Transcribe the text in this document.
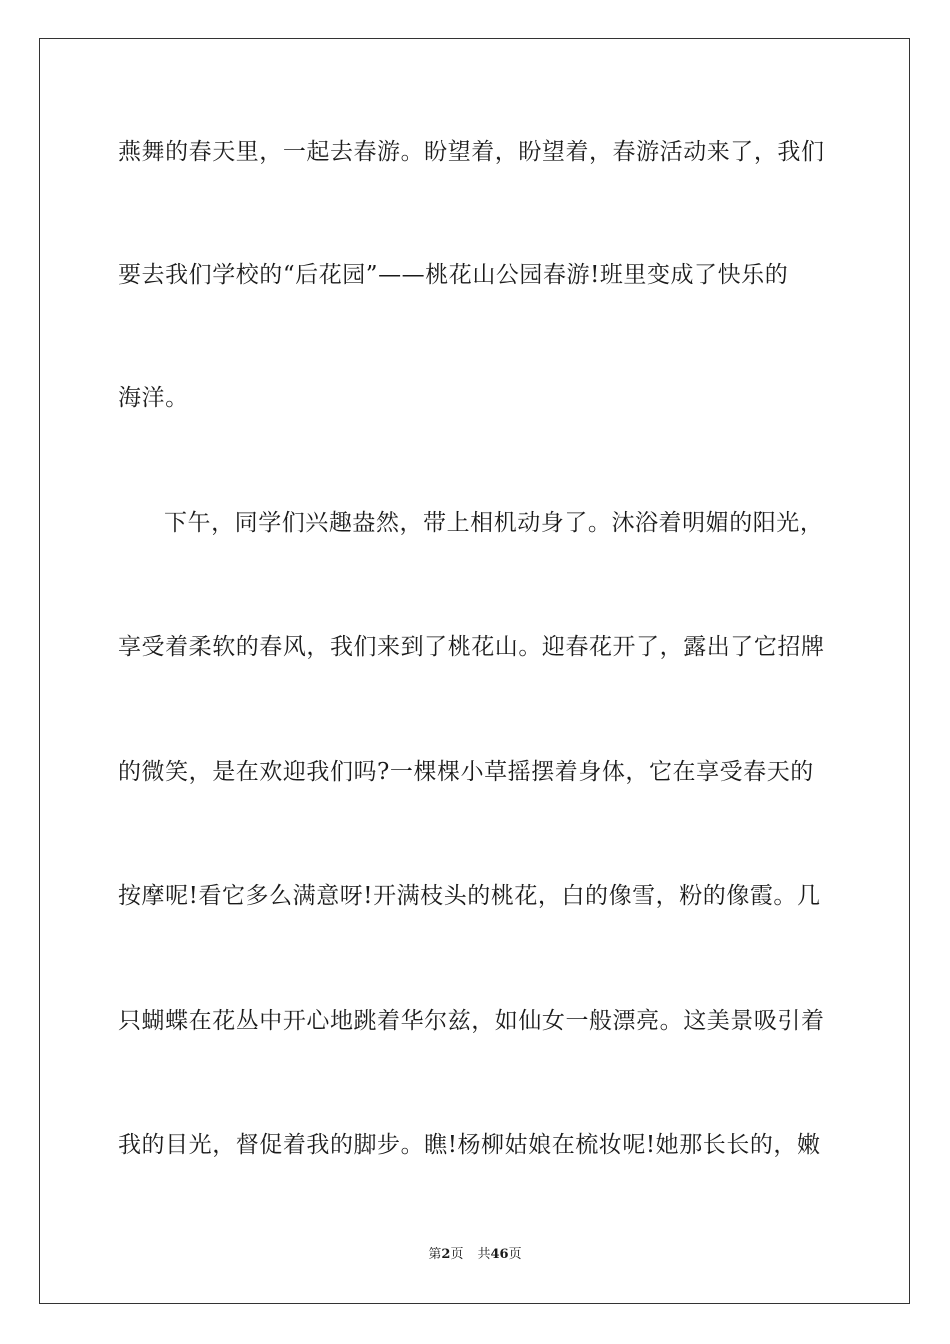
燕舞的春天里，一起去春游。盼望着，盼望着，春游活动来了，我们
要去我们学校的“后花园”——桃花山公园春游!班里变成了快乐的
海洋。
下午，同学们兴趣盎然，带上相机动身了。沐浴着明媚的阳光，
享受着柔软的春风，我们来到了桃花山。迎春花开了，露出了它招牌
的微笑，是在欢迎我们吗?一棵棵小草摇摆着身体，它在享受春天的
按摩呢!看它多么满意呀!开满枝头的桃花，白的像雪，粉的像霞。几
只蝴蝶在花丛中开心地跳着华尔兹，如仙女一般漂亮。这美景吸引着
我的目光，督促着我的脚步。瞧!杨柳姑娘在梳妆呢!她那长长的，嫩
第2页 共46页
